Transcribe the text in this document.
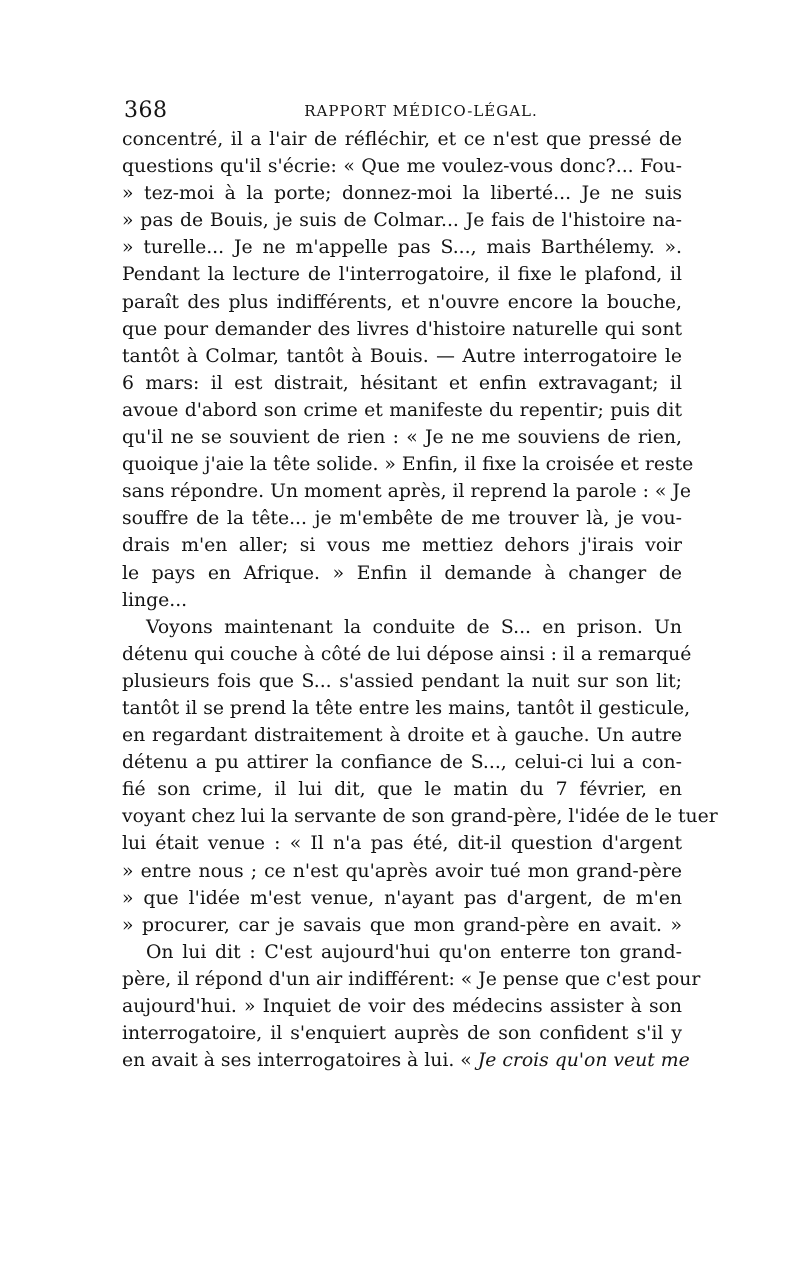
368	RAPPORT MÉDICO-LÉGAL.
concentré, il a l'air de réfléchir, et ce n'est que pressé de
questions qu'il s'écrie: « Que me voulez-vous donc?... Fou-
» tez-moi à la porte; donnez-moi la liberté... Je ne suis
» pas de Bouis, je suis de Colmar... Je fais de l'histoire na-
» turelle... Je ne m'appelle pas S..., mais Barthélemy. ».
Pendant la lecture de l'interrogatoire, il fixe le plafond, il
paraît des plus indifférents, et n'ouvre encore la bouche,
que pour demander des livres d'histoire naturelle qui sont
tantôt à Colmar, tantôt à Bouis. — Autre interrogatoire le
6 mars: il est distrait, hésitant et enfin extravagant; il
avoue d'abord son crime et manifeste du repentir; puis dit
qu'il ne se souvient de rien : « Je ne me souviens de rien,
quoique j'aie la tête solide. » Enfin, il fixe la croisée et reste
sans répondre. Un moment après, il reprend la parole : « Je
souffre de la tête... je m'embête de me trouver là, je vou-
drais m'en aller; si vous me mettiez dehors j'irais voir
le pays en Afrique. » Enfin il demande à changer de
linge...
Voyons maintenant la conduite de S... en prison. Un
détenu qui couche à côté de lui dépose ainsi : il a remarqué
plusieurs fois que S... s'assied pendant la nuit sur son lit;
tantôt il se prend la tête entre les mains, tantôt il gesticule,
en regardant distraitement à droite et à gauche. Un autre
détenu a pu attirer la confiance de S..., celui-ci lui a con-
fié son crime, il lui dit, que le matin du 7 février, en
voyant chez lui la servante de son grand-père, l'idée de le tuer
lui était venue : « Il n'a pas été, dit-il question d'argent
» entre nous ; ce n'est qu'après avoir tué mon grand-père
» que l'idée m'est venue, n'ayant pas d'argent, de m'en
» procurer, car je savais que mon grand-père en avait. »
On lui dit : C'est aujourd'hui qu'on enterre ton grand-
père, il répond d'un air indifférent: « Je pense que c'est pour
aujourd'hui. » Inquiet de voir des médecins assister à son
interrogatoire, il s'enquiert auprès de son confident s'il y
en avait à ses interrogatoires à lui. « Je crois qu'on veut me
